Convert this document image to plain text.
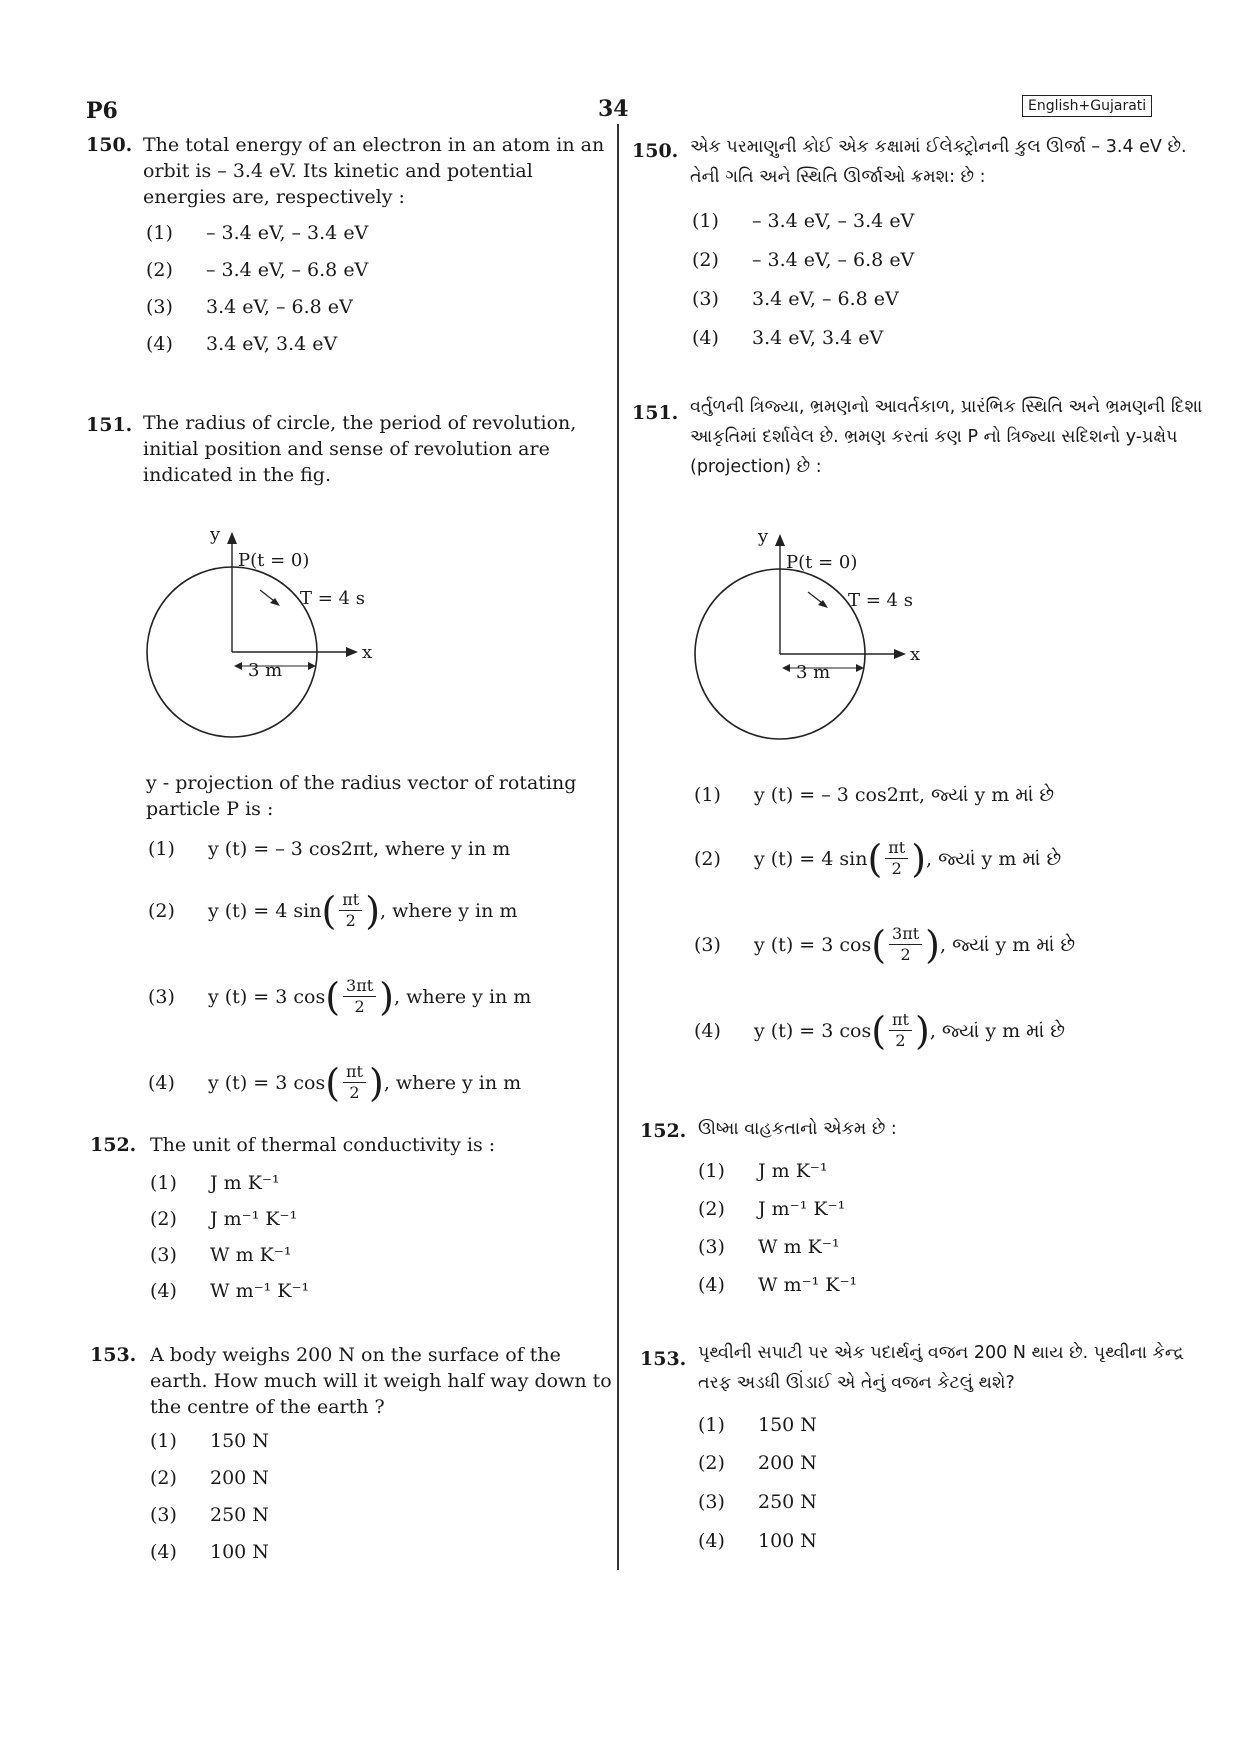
P6	34	English+Gujarati
150. The total energy of an electron in an atom in an orbit is – 3.4 eV. Its kinetic and potential energies are, respectively :
(1)	– 3.4 eV, – 3.4 eV
(2)	– 3.4 eV, – 6.8 eV
(3)	3.4 eV, – 6.8 eV
(4)	3.4 eV, 3.4 eV
151. The radius of circle, the period of revolution, initial position and sense of revolution are indicated in the fig.
y
x
P(t = 0)
T = 4 s
3 m
y - projection of the radius vector of rotating particle P is :
(1)	y (t) = – 3 cos2πt, where y in m
(2)	y (t) = 4 sin ( $\frac{\pi t}{2}$ ) , where y in m
(3)	y (t) = 3 cos ( $\frac{3\pi t}{2}$ ) , where y in m
(4)	y (t) = 3 cos ( $\frac{\pi t}{2}$ ) , where y in m
152. The unit of thermal conductivity is :
(1)	J m K⁻¹
(2)	J m⁻¹ K⁻¹
(3)	W m K⁻¹
(4)	W m⁻¹ K⁻¹
153. A body weighs 200 N on the surface of the earth. How much will it weigh half way down to the centre of the earth ?
(1)	150 N
(2)	200 N
(3)	250 N
(4)	100 N
150. એક પરમાણુની કોઈ એક કક્ષામાં ઈલેક્ટ્રોનની કુલ ઊર્જા – 3.4 eV છે. તેની ગતિ અને સ્થિતિ ઊર્જાઓ ક્રમશ: છે :
(1)	– 3.4 eV, – 3.4 eV
(2)	– 3.4 eV, – 6.8 eV
(3)	3.4 eV, – 6.8 eV
(4)	3.4 eV, 3.4 eV
151. વર્તુળની ત્રિજ્યા, ભ્રમણનો આવર્તકાળ, પ્રારંભિક સ્થિતિ અને ભ્રમણની દિશા આકૃતિમાં દર્શાવેલ છે. ભ્રમણ કરતાં કણ P નો ત્રિજ્યા સદિશનો y-પ્રક્ષેપ (projection) છે :
y
x
P(t = 0)
T = 4 s
3 m
(1)	y (t) = – 3 cos2πt, જ્યાં y m માં છે
(2)	y (t) = 4 sin ( $\frac{\pi t}{2}$ ) , જ્યાં y m માં છે
(3)	y (t) = 3 cos ( $\frac{3\pi t}{2}$ ) , જ્યાં y m માં છે
(4)	y (t) = 3 cos ( $\frac{\pi t}{2}$ ) , જ્યાં y m માં છે
152. ઊષ્મા વાહકતાનો એકમ છે :
(1)	J m K⁻¹
(2)	J m⁻¹ K⁻¹
(3)	W m K⁻¹
(4)	W m⁻¹ K⁻¹
153. પૃથ્વીની સપાટી પર એક પદાર્થનું વજન 200 N થાય છે. પૃથ્વીના કેન્દ્ર તરફ અડધી ઊંડાઈ એ તેનું વજન કેટલું થશે?
(1)	150 N
(2)	200 N
(3)	250 N
(4)	100 N
